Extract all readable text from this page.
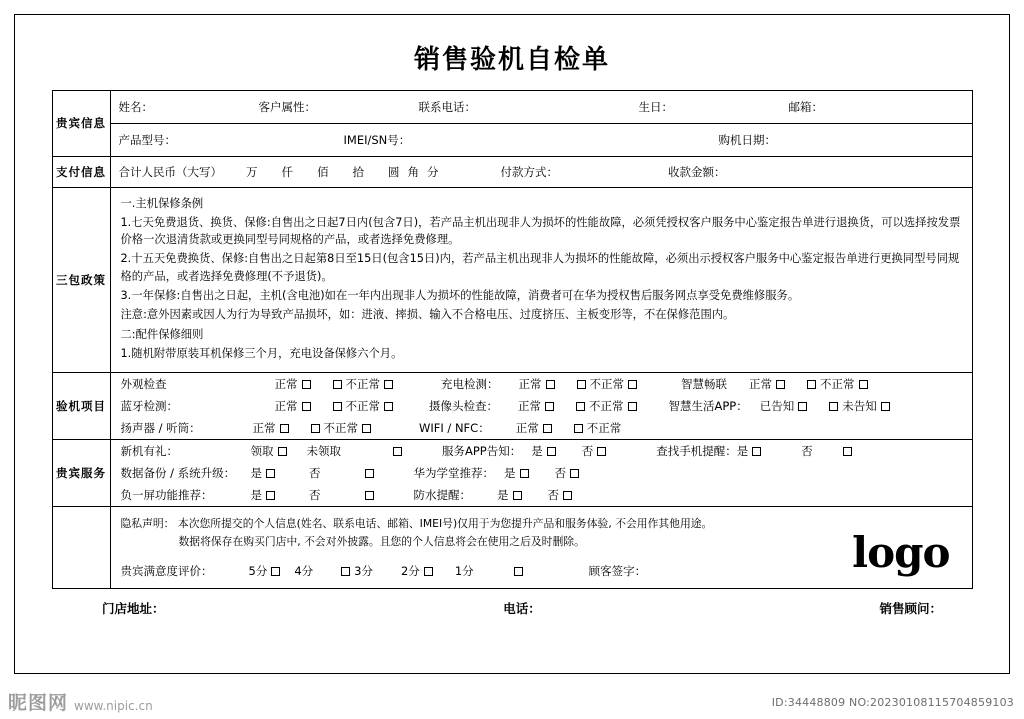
销售验机自检单
贵宾信息	姓名： 客户属性： 联系电话： 生日： 邮箱：

	产品型号： IMEI/SN号： 购机日期：

支付信息	合计人民币（大写） 万 仟 佰 拾 圆 角 分	付款方式：	收款金额：

三包政策	

一.主机保修条例

1.七天免费退货、换货、保修:自售出之日起7日内(包含7日)，若产品主机出现非人为损坏的性能故障，必须凭授权客户服务中心鉴定报告单进行退换货，可以选择按发票价格一次退清货款或更换同型号同规格的产品，或者选择免费修理。

2.十五天免费换货、保修:自售出之日起第8日至15日(包含15日)内，若产品主机出现非人为损坏的性能故障，必须出示授权客户服务中心鉴定报告单进行更换同型号同规格的产品，或者选择免费修理(不予退货)。

3.一年保修:自售出之日起，主机(含电池)如在一年内出现非人为损坏的性能故障，消费者可在华为授权售后服务网点享受免费维修服务。

注意:意外因素或因人为行为导致产品损坏，如：进液、摔损、输入不合格电压、过度挤压、主板变形等，不在保修范围内。

二:配件保修细则

1.随机附带原装耳机保修三个月，充电设备保修六个月。

验机项目	
外观检查	正常	不正常	充电检测： 正常	不正常	智慧畅联 正常	不正常
蓝牙检测：	正常	不正常	摄像头检查： 正常	不正常	智慧生活APP： 已告知	未告知
扬声器 / 听筒：	正常	不正常	WIFI / NFC： 正常	不正常

贵宾服务	
新机有礼：	领取	未领取	服务APP告知： 是	否	查找手机提醒： 是	否
数据备份 / 系统升级：	是	否	华为学堂推荐： 是	否
负一屏功能推荐：	是	否	防水提醒： 是	否

隐私声明： 本次您所提交的个人信息(姓名、联系电话、邮箱、IMEI号)仅用于为您提升产品和服务体验, 不会用作其他用途。

数据将保存在购买门店中, 不会对外披露。且您的个人信息将会在使用之后及时删除。	logo
贵宾满意度评价：	5分 4分	3分 2分	1分	顾客签字：
门店地址：	电话：	销售顾问：
昵图网 www.nipic.cn	ID:34448809 NO:20230108115704859103
